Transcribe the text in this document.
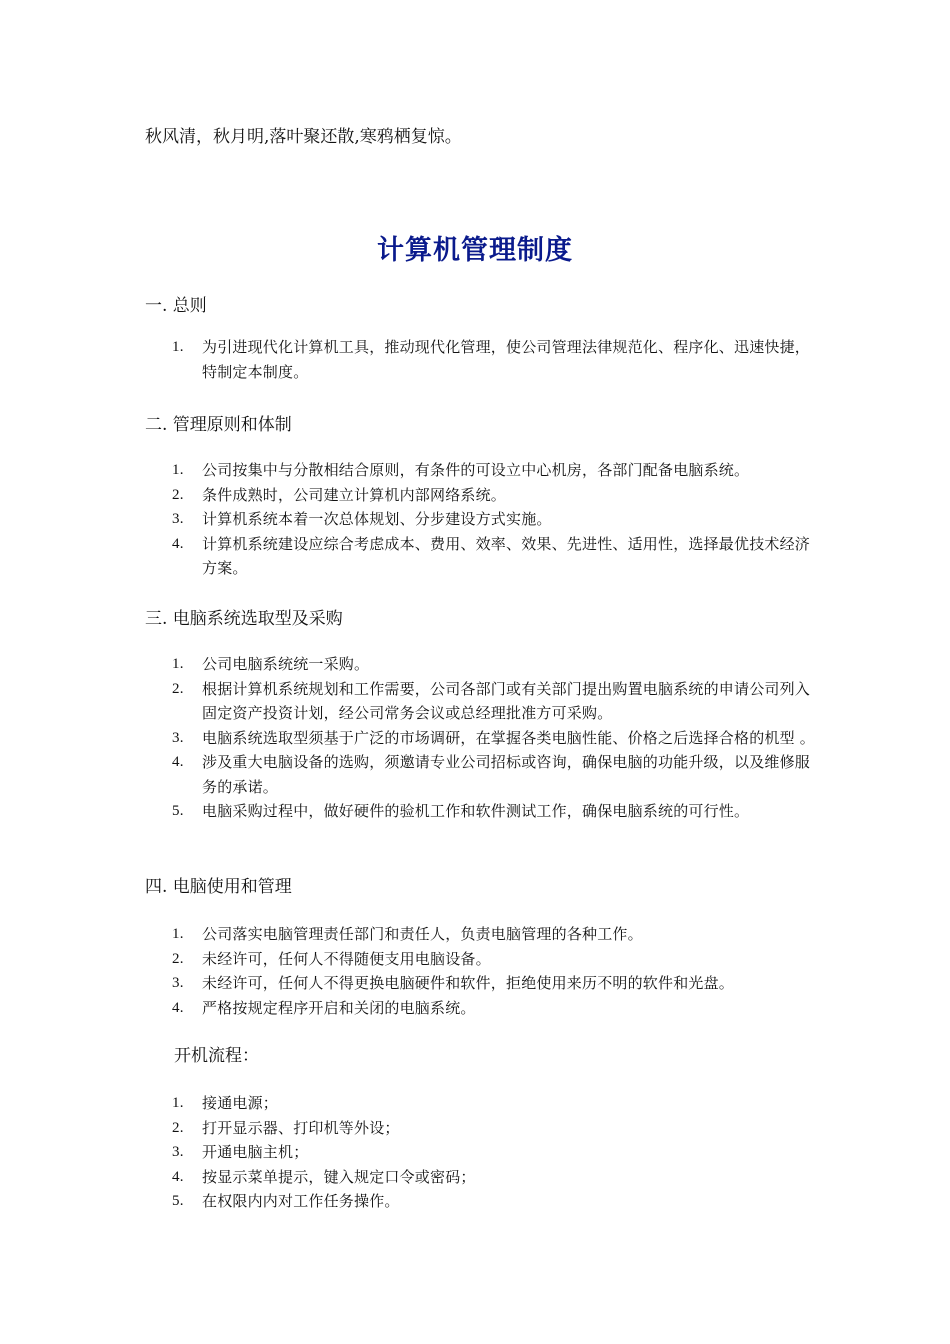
秋风清，秋月明,落叶聚还散,寒鸦栖复惊。
计算机管理制度
一. 总则
1. 为引进现代化计算机工具，推动现代化管理，使公司管理法律规范化、程序化、迅速快捷，特制定本制度。
二. 管理原则和体制
1. 公司按集中与分散相结合原则，有条件的可设立中心机房，各部门配备电脑系统。
2. 条件成熟时，公司建立计算机内部网络系统。
3. 计算机系统本着一次总体规划、分步建设方式实施。
4. 计算机系统建设应综合考虑成本、费用、效率、效果、先进性、适用性，选择最优技术经济方案。
三. 电脑系统选取型及采购
1. 公司电脑系统统一采购。
2. 根据计算机系统规划和工作需要，公司各部门或有关部门提出购置电脑系统的申请公司列入固定资产投资计划，经公司常务会议或总经理批准方可采购。
3. 电脑系统选取型须基于广泛的市场调研，在掌握各类电脑性能、价格之后选择合格的机型 。
4. 涉及重大电脑设备的选购，须邀请专业公司招标或咨询，确保电脑的功能升级，以及维修服务的承诺。
5. 电脑采购过程中，做好硬件的验机工作和软件测试工作，确保电脑系统的可行性。
四. 电脑使用和管理
1. 公司落实电脑管理责任部门和责任人，负责电脑管理的各种工作。
2. 未经许可，任何人不得随便支用电脑设备。
3. 未经许可，任何人不得更换电脑硬件和软件，拒绝使用来历不明的软件和光盘。
4. 严格按规定程序开启和关闭的电脑系统。
开机流程：
1. 接通电源；
2. 打开显示器、打印机等外设；
3. 开通电脑主机；
4. 按显示菜单提示，键入规定口令或密码；
5. 在权限内内对工作任务操作。
